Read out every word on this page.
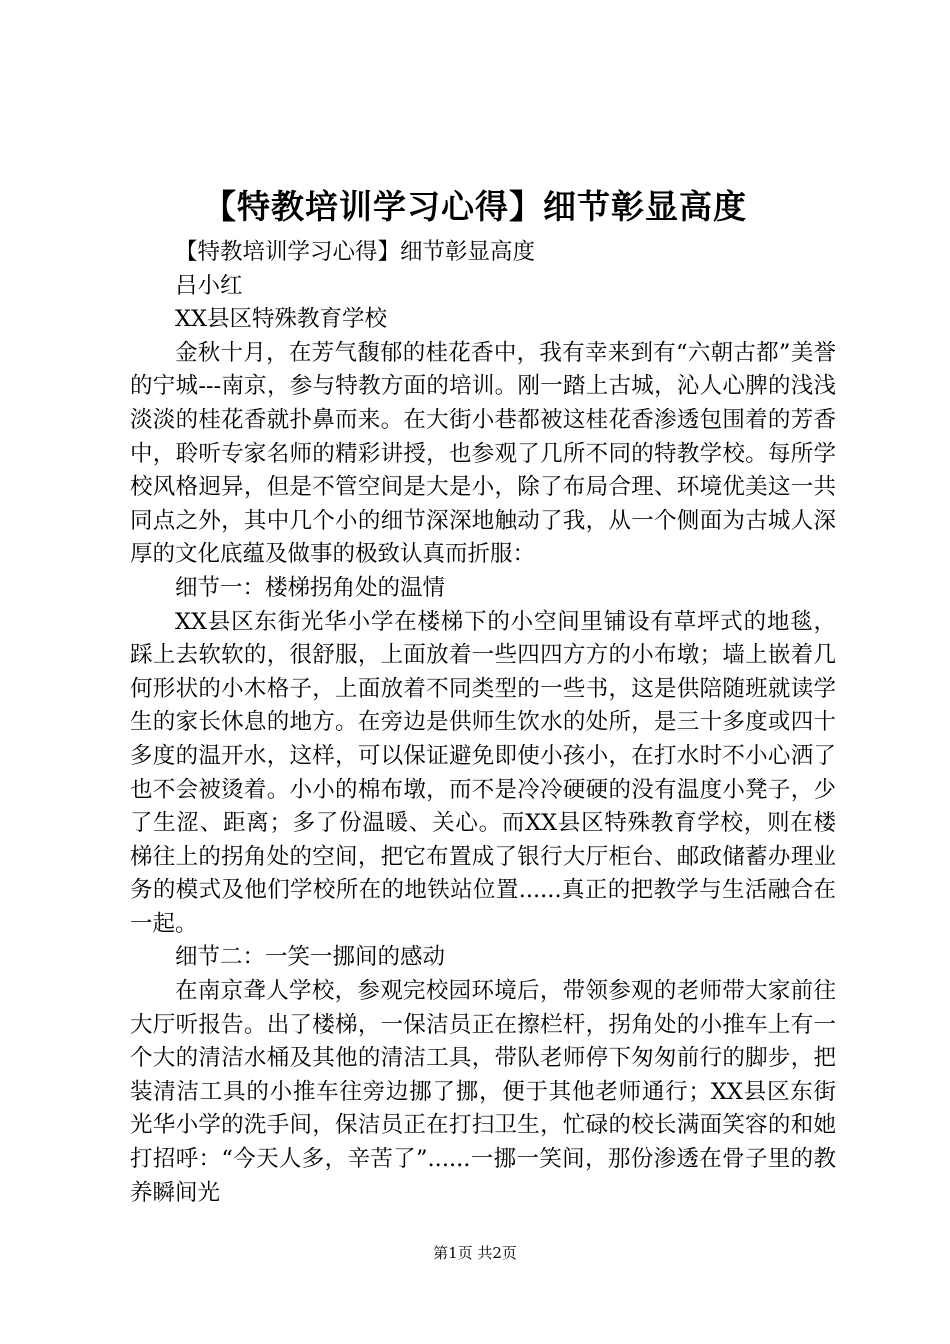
【特教培训学习心得】细节彰显高度

【特教培训学习心得】细节彰显高度

吕小红

XX县区特殊教育学校

金秋十月，在芳气馥郁的桂花香中，我有幸来到有“六朝古都”美誉的宁城---南京，参与特教方面的培训。刚一踏上古城，沁人心脾的浅浅淡淡的桂花香就扑鼻而来。在大街小巷都被这桂花香渗透包围着的芳香中，聆听专家名师的精彩讲授，也参观了几所不同的特教学校。每所学校风格迥异，但是不管空间是大是小，除了布局合理、环境优美这一共同点之外，其中几个小的细节深深地触动了我，从一个侧面为古城人深厚的文化底蕴及做事的极致认真而折服：

细节一：楼梯拐角处的温情

XX县区东街光华小学在楼梯下的小空间里铺设有草坪式的地毯，踩上去软软的，很舒服，上面放着一些四四方方的小布墩；墙上嵌着几何形状的小木格子，上面放着不同类型的一些书，这是供陪随班就读学生的家长休息的地方。在旁边是供师生饮水的处所，是三十多度或四十多度的温开水，这样，可以保证避免即使小孩小，在打水时不小心洒了也不会被烫着。小小的棉布墩，而不是冷冷硬硬的没有温度小凳子，少了生涩、距离；多了份温暖、关心。而XX县区特殊教育学校，则在楼梯往上的拐角处的空间，把它布置成了银行大厅柜台、邮政储蓄办理业务的模式及他们学校所在的地铁站位置......真正的把教学与生活融合在一起。

细节二：一笑一挪间的感动

在南京聋人学校，参观完校园环境后，带领参观的老师带大家前往大厅听报告。出了楼梯，一保洁员正在擦栏杆，拐角处的小推车上有一个大的清洁水桶及其他的清洁工具，带队老师停下匆匆前行的脚步，把装清洁工具的小推车往旁边挪了挪，便于其他老师通行；XX县区东街光华小学的洗手间，保洁员正在打扫卫生，忙碌的校长满面笑容的和她打招呼：“今天人多，辛苦了”......一挪一笑间，那份渗透在骨子里的教养瞬间光

第1页 共2页
